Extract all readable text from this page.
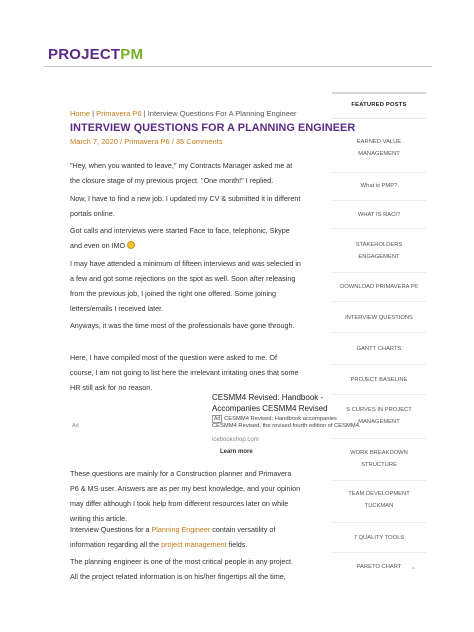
PROJECTPM

Home | Primavera P6 | Interview Questions For A Planning Engineer

INTERVIEW QUESTIONS FOR A PLANNING ENGINEER

March 7, 2020 / Primavera P6 / 35 Comments

"Hey, when you wanted to leave," my Contracts Manager asked me at the closure stage of my previous project. "One month!" I replied.

Now, I have to find a new job. I updated my CV & submitted it in different portals online.

Got calls and interviews were started Face to face, telephonic, Skype and even on IMO

I may have attended a minimum of fifteen interviews and was selected in a few and got some rejections on the spot as well. Soon after releasing from the previous job, I joined the right one offered. Some joining letters/emails I received later.

Anyways, it was the time most of the professionals have gone through.

Here, I have compiled most of the question were asked to me. Of course, I am not going to list here the irrelevant irritating ones that some HR still ask for no reason.

These questions are mainly for a Construction planner and Primavera P6 & MS user. Answers are as per my best knowledge, and your opinion may differ although I took help from different resources later on while writing this article.

Interview Questions for a Planning Engineer contain versatility of information regarding all the project management fields.

The planning engineer is one of the most critical people in any project. All the project related information is on his/her fingertips all the time,

Ad
CESMM4 Revised: Handbook - Accompanies CESMM4 Revised
Ad CESMM4 Revised: Handbook accompanies CESMM4 Revised, the revised fourth edition of CESMM4.
icebookshop.com
Learn more
FEATURED POSTS
EARNED VALUE
MANAGEMENT
What is PMP?
WHAT IS RACI?
STAKEHOLDERS
ENGAGEMENT
DOWNLOAD PRIMAVERA P6
INTERVIEW QUESTIONS
GANTT CHARTS
PROJECT BASELINE
S CURVES IN PROJECT
MANAGEMENT
WORK BREAKDOWN
STRUCTURE
TEAM DEVELOPMENT
TUCKMAN
7 QUALITY TOOLS
PARETO CHART	⌃
